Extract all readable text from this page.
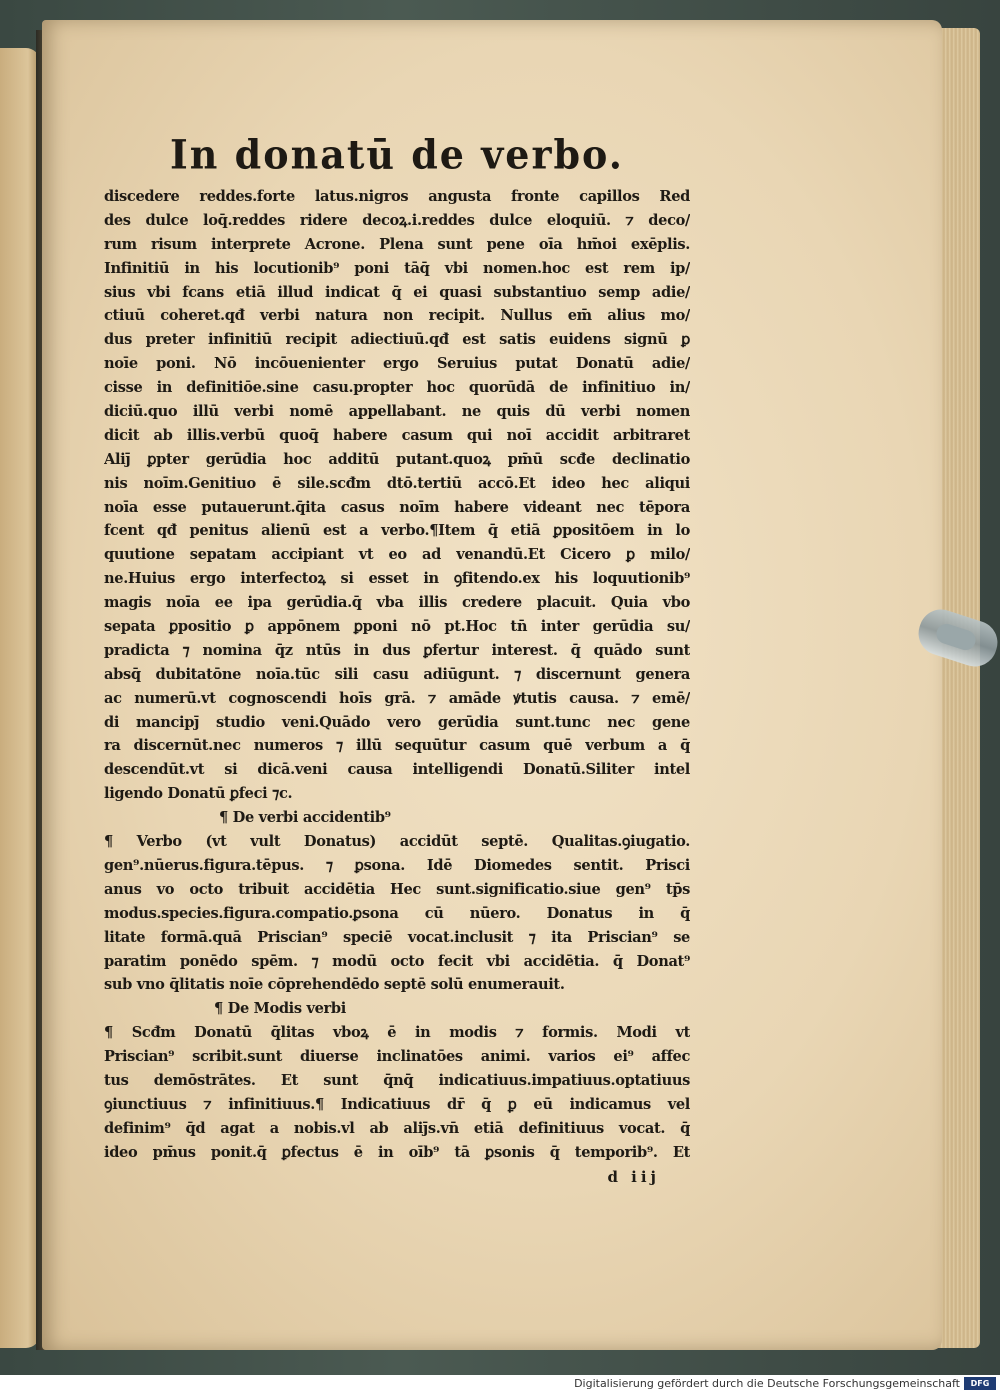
In donatū de verbo.
discedere reddes.forte latus.nigros angusta fronte capillos Red
des dulce loq̄.reddes ridere decoꝝ.i.reddes dulce eloquiū. ⁊ deco/
rum risum interprete Acrone. Plena sunt pene oīa hm̄oi exēplis.
Infinitiū in his locutionib⁹ poni tāq̄ vbi nomen.hoc est rem ip/
sius vbi fcans etiā illud indicat q̄ ei quasi substantiuo semp adie/
ctiuū coheret.qđ verbi natura non recipit. Nullus em̄ alius mo/
dus preter infinitiū recipit adiectiuū.qđ est satis euidens signū ꝑ
noīe poni. Nō incōuenienter ergo Seruius putat Donatū adie/
cisse in definitiōe.sine casu.propter hoc quorūdā de infinitiuo in/
diciū.quo illū verbi nomē appellabant. ne quis dū verbi nomen
dicit ab illis.verbū quoq̄ habere casum qui noī accidit arbitraret
Aliȷ̄ ꝑpter gerūdia hoc additū putant.quoꝝ pm̄ū scđe declinatio
nis noīm.Genitiuo ē sile.scđm dtō.tertiū accō.Et ideo hec aliqui
noīa esse putauerunt.q̄ita casus noīm habere videant nec tēpora
fcent qđ penitus alienū est a verbo.¶Item q̄ etiā ꝑpositōem in lo
quutione sepatam accipiant vt eo ad venandū.Et Cicero ꝑ milo/
ne.Huius ergo interfectoꝝ si esset in ꝯfitendo.ex his loquutionib⁹
magis noīa ee ipa gerūdia.q̄ vba illis credere placuit. Quia vbo
sepata ꝑpositio ꝑ appōnem ꝑponi nō pt.Hoc tn̄ inter gerūdia su/
pradicta ⁊ nomina q̄z ntūs in dus ꝑfertur interest. q̄ quādo sunt
absq̄ dubitatōne noīa.tūc sili casu adiūgunt. ⁊ discernunt genera
ac numerū.vt cognoscendi hoīs grā. ⁊ amāde ꝟtutis causa. ⁊ emē/
di mancipȷ̄ studio veni.Quādo vero gerūdia sunt.tunc nec gene
ra discernūt.nec numeros ⁊ illū sequūtur casum quē verbum a q̄
descendūt.vt si dicā.veni causa intelligendi Donatū.Siliter intel
ligendo Donatū ꝑfeci ⁊c.
¶ De verbi accidentib⁹
¶ Verbo (vt vult Donatus) accidūt septē. Qualitas.ꝯiugatio.
gen⁹.nūerus.figura.tēpus. ⁊ ꝑsona. Idē Diomedes sentit. Prisci
anus vo octo tribuit accidētia Hec sunt.significatio.siue gen⁹ tp̄s
modus.species.figura.compatio.ꝑsona cū nūero. Donatus in q̄
litate formā.quā Priscian⁹ speciē vocat.inclusit ⁊ ita Priscian⁹ se
paratim ponēdo spēm. ⁊ modū octo fecit vbi accidētia. q̄ Donat⁹
sub vno q̄litatis noīe cōprehendēdo septē solū enumerauit.
¶ De Modis verbi
¶ Scđm Donatū q̄litas vboꝝ ē in modis ⁊ formis. Modi vt
Priscian⁹ scribit.sunt diuerse inclinatōes animi. varios ei⁹ affec
tus demōstrātes. Et sunt q̄nq̄ indicatiuus.impatiuus.optatiuus
ꝯiunctiuus ⁊ infinitiuus.¶ Indicatiuus dr̄ q̄ ꝑ eū indicamus vel
definim⁹ q̄d agat a nobis.vl ab aliȷ̄s.vn̄ etiā definitiuus vocat. q̄
ideo pm̄us ponit.q̄ ꝑfectus ē in oīb⁹ tā ꝑsonis q̄ temporib⁹. Et
d iij
Digitalisierung gefördert durch die Deutsche Forschungsgemeinschaft	DFG
